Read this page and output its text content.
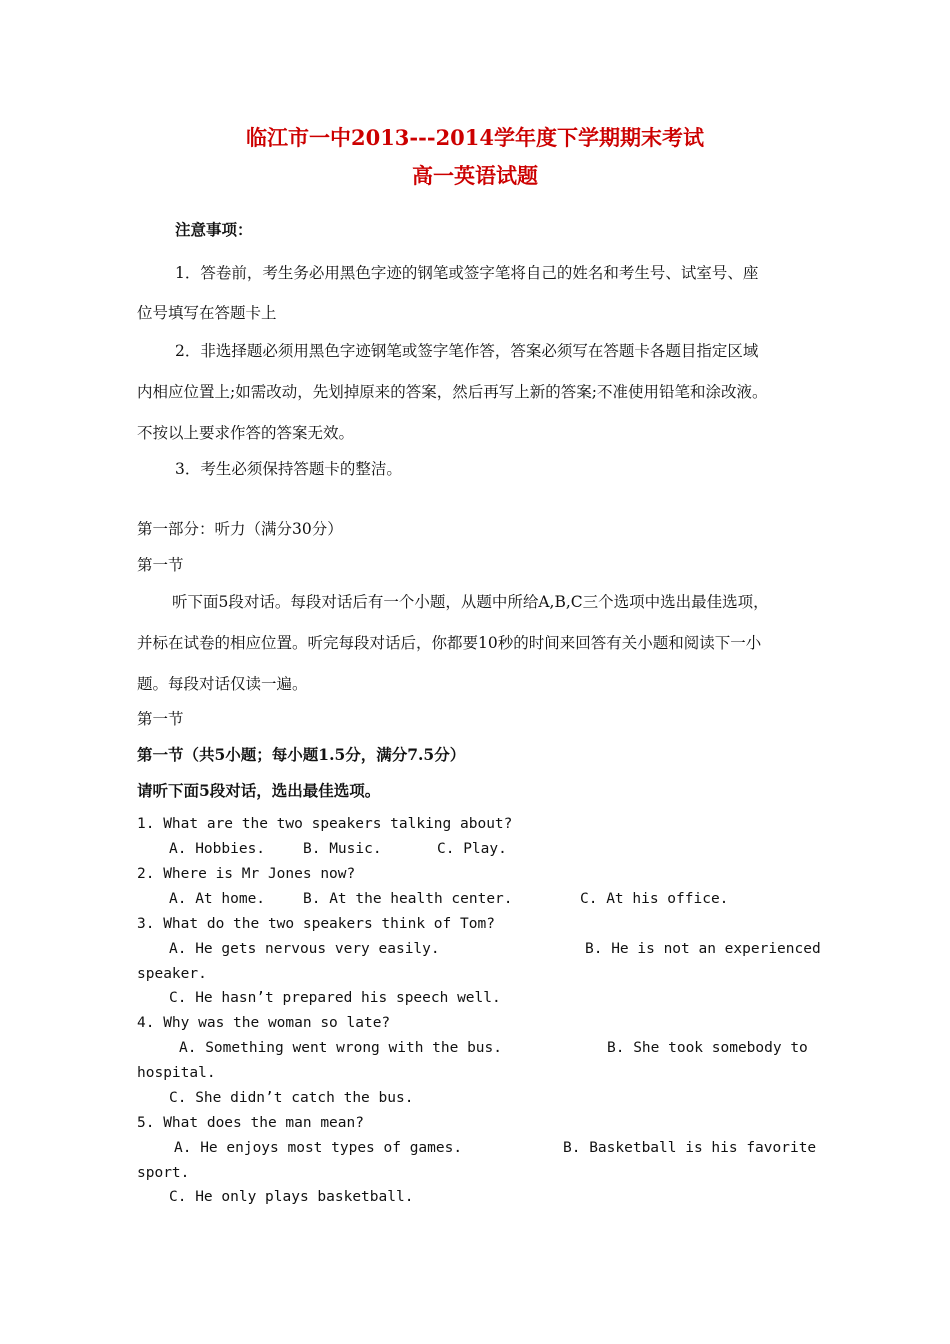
临江市一中2013---2014学年度下学期期末考试
高一英语试题
注意事项：
1．答卷前，考生务必用黑色字迹的钢笔或签字笔将自己的姓名和考生号、试室号、座
位号填写在答题卡上
2．非选择题必须用黑色字迹钢笔或签字笔作答，答案必须写在答题卡各题目指定区域
内相应位置上;如需改动，先划掉原来的答案，然后再写上新的答案;不准使用铅笔和涂改液。
不按以上要求作答的答案无效。
3．考生必须保持答题卡的整洁。
第一部分：听力（满分30分）
第一节
听下面5段对话。每段对话后有一个小题，从题中所给A,B,C三个选项中选出最佳选项，
并标在试卷的相应位置。听完每段对话后，你都要10秒的时间来回答有关小题和阅读下一小
题。每段对话仅读一遍。
第一节
第一节（共5小题；每小题1.5分，满分7.5分）
请听下面5段对话，选出最佳选项。
1. What are the two speakers talking about?
A. Hobbies.	B. Music.	C. Play.
2. Where is Mr Jones now?
A. At home.	B. At the health center.	C. At his office.
3. What do the two speakers think of Tom?
A. He gets nervous very easily.	B. He is not an experienced
speaker.
C. He hasn’t prepared his speech well.
4. Why was the woman so late?
A. Something went wrong with the bus.	B. She took somebody to
hospital.
C. She didn’t catch the bus.
5. What does the man mean?
A. He enjoys most types of games.	B. Basketball is his favorite
sport.
C. He only plays basketball.
